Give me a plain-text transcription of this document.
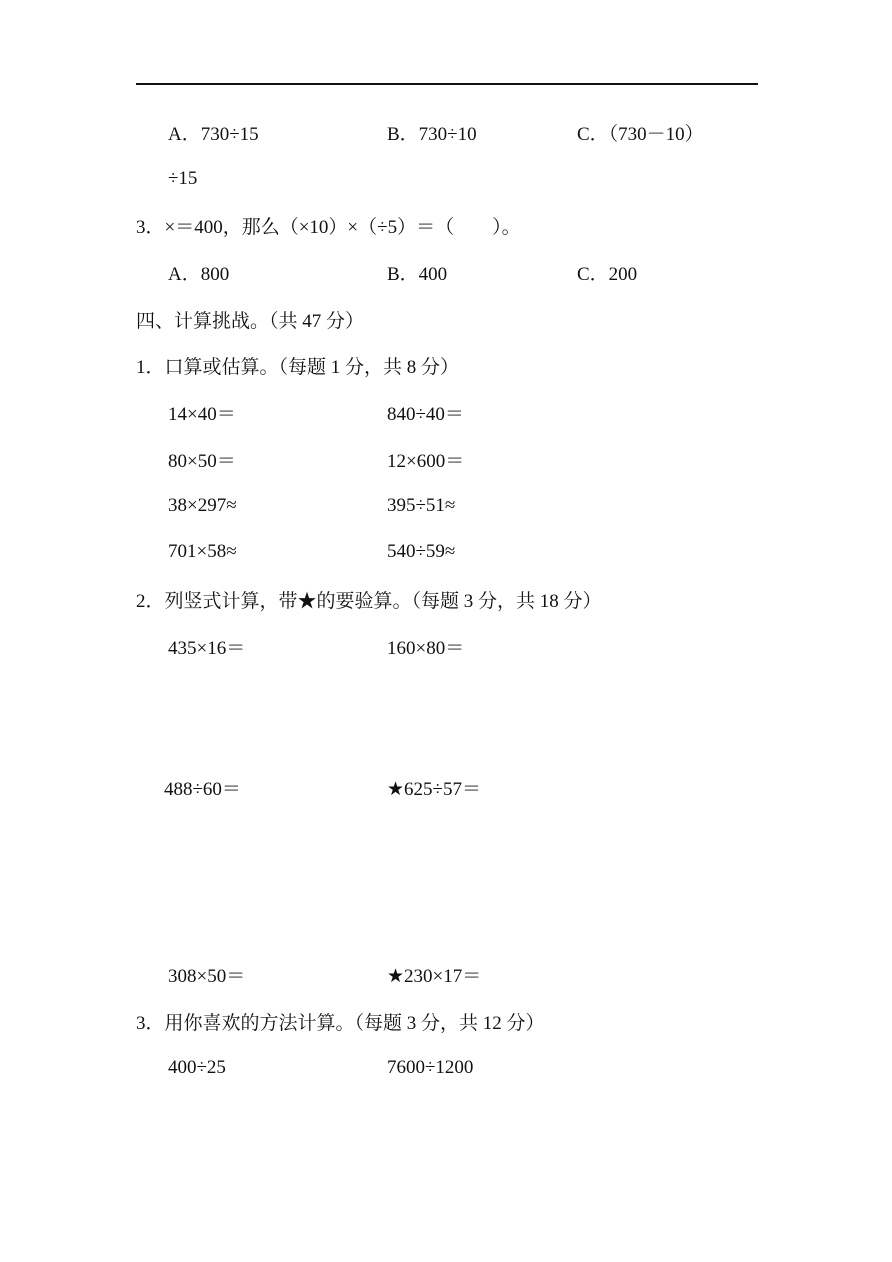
A．730÷15	B．730÷10	C．（730－10）
÷15
3．×＝400，那么（×10）×（÷5）＝（　　）。
A．800	B．400	C．200
四、计算挑战。（共 47 分）
1．口算或估算。（每题 1 分，共 8 分）
14×40＝	840÷40＝
80×50＝	12×600＝
38×297≈	395÷51≈
701×58≈	540÷59≈
2．列竖式计算，带★的要验算。（每题 3 分，共 18 分）
435×16＝	160×80＝
488÷60＝	★625÷57＝
308×50＝	★230×17＝
3．用你喜欢的方法计算。（每题 3 分，共 12 分）
400÷25	7600÷1200
